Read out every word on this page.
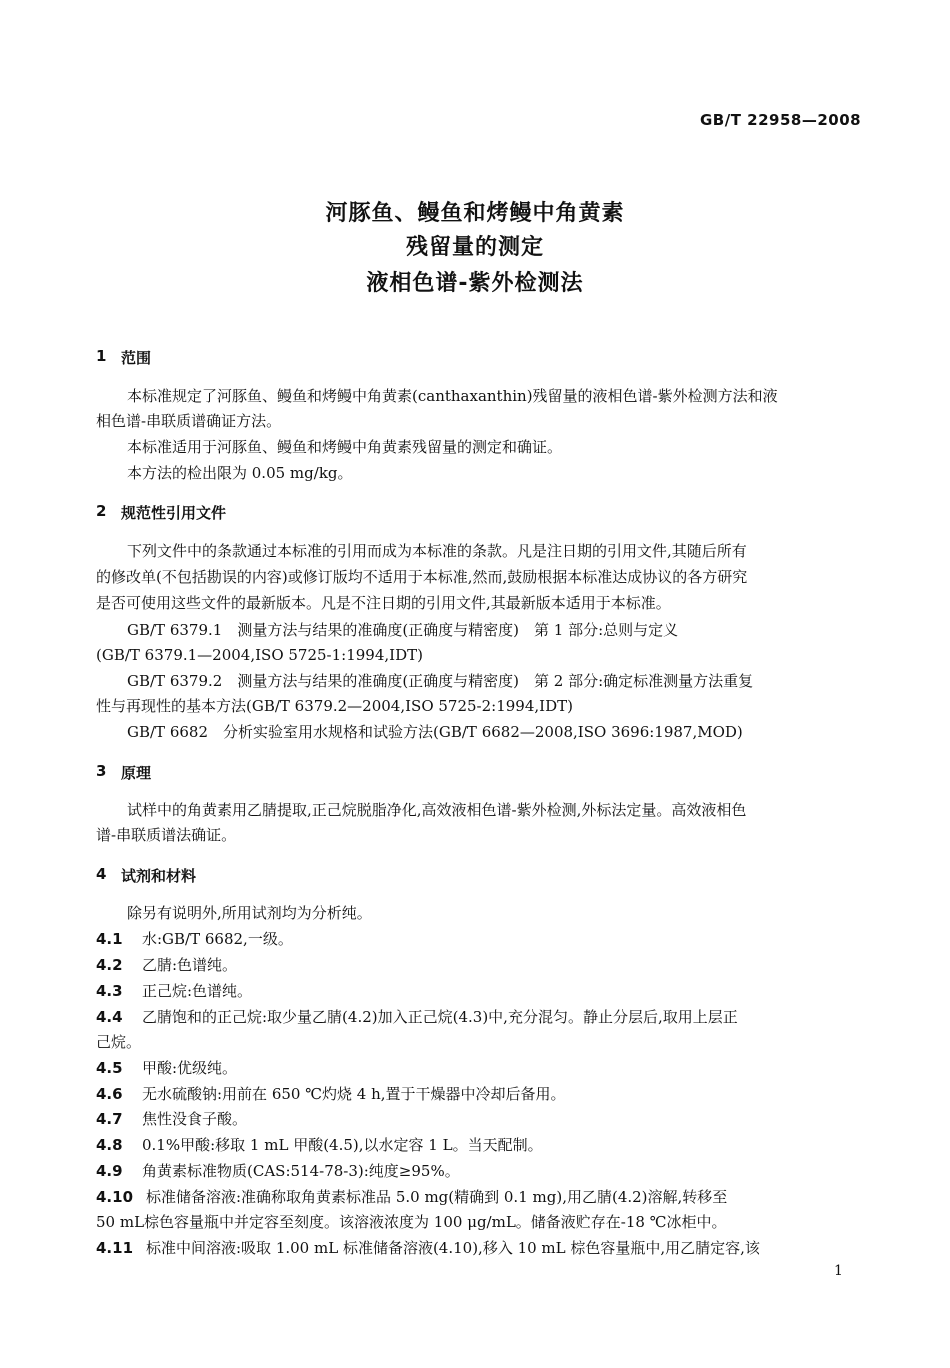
GB/T 22958—2008
河豚鱼、鳗鱼和烤鳗中角黄素
残留量的测定
液相色谱-紫外检测法
1 范围
本标准规定了河豚鱼、鳗鱼和烤鳗中角黄素(canthaxanthin)残留量的液相色谱-紫外检测方法和液
相色谱-串联质谱确证方法。
本标准适用于河豚鱼、鳗鱼和烤鳗中角黄素残留量的测定和确证。
本方法的检出限为 0.05 mg/kg。
2 规范性引用文件
下列文件中的条款通过本标准的引用而成为本标准的条款。凡是注日期的引用文件,其随后所有
的修改单(不包括勘误的内容)或修订版均不适用于本标准,然而,鼓励根据本标准达成协议的各方研究
是否可使用这些文件的最新版本。凡是不注日期的引用文件,其最新版本适用于本标准。
GB/T 6379.1　测量方法与结果的准确度(正确度与精密度)　第 1 部分:总则与定义
(GB/T 6379.1—2004,ISO 5725-1:1994,IDT)
GB/T 6379.2　测量方法与结果的准确度(正确度与精密度)　第 2 部分:确定标准测量方法重复
性与再现性的基本方法(GB/T 6379.2—2004,ISO 5725-2:1994,IDT)
GB/T 6682　分析实验室用水规格和试验方法(GB/T 6682—2008,ISO 3696:1987,MOD)
3 原理
试样中的角黄素用乙腈提取,正己烷脱脂净化,高效液相色谱-紫外检测,外标法定量。高效液相色
谱-串联质谱法确证。
4 试剂和材料
除另有说明外,所用试剂均为分析纯。
4.1 水:GB/T 6682,一级。
4.2 乙腈:色谱纯。
4.3 正己烷:色谱纯。
4.4 乙腈饱和的正己烷:取少量乙腈(4.2)加入正己烷(4.3)中,充分混匀。静止分层后,取用上层正
己烷。
4.5 甲酸:优级纯。
4.6 无水硫酸钠:用前在 650 ℃灼烧 4 h,置于干燥器中冷却后备用。
4.7 焦性没食子酸。
4.8 0.1%甲酸:移取 1 mL 甲酸(4.5),以水定容 1 L。当天配制。
4.9 角黄素标准物质(CAS:514-78-3):纯度≥95%。
4.10 标准储备溶液:准确称取角黄素标准品 5.0 mg(精确到 0.1 mg),用乙腈(4.2)溶解,转移至
50 mL棕色容量瓶中并定容至刻度。该溶液浓度为 100 μg/mL。储备液贮存在-18 ℃冰柜中。
4.11 标准中间溶液:吸取 1.00 mL 标准储备溶液(4.10),移入 10 mL 棕色容量瓶中,用乙腈定容,该
1
